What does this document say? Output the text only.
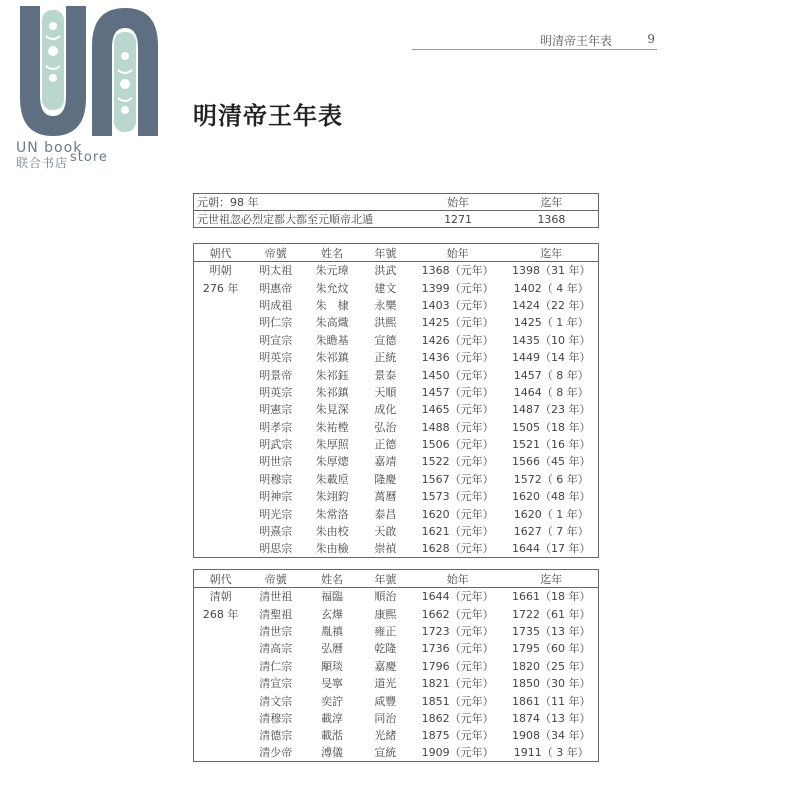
UN book
联合书店 store
明清帝王年表	9
明清帝王年表
元朝：98 年	始年	迄年
元世祖忽必烈定都大都至元順帝北遁	1271	1368
朝代	帝號	姓名	年號	始年	迄年
明朝	明太祖	朱元璋	洪武	1368（元年）	1398（31 年）
276 年	明惠帝	朱允炆	建文	1399（元年）	1402（ 4 年）
	明成祖	朱　棣	永樂	1403（元年）	1424（22 年）
	明仁宗	朱高熾	洪熙	1425（元年）	1425（ 1 年）
	明宣宗	朱瞻基	宣德	1426（元年）	1435（10 年）
	明英宗	朱祁鎮	正統	1436（元年）	1449（14 年）
	明景帝	朱祁鈺	景泰	1450（元年）	1457（ 8 年）
	明英宗	朱祁鎮	天順	1457（元年）	1464（ 8 年）
	明憲宗	朱見深	成化	1465（元年）	1487（23 年）
	明孝宗	朱祐樘	弘治	1488（元年）	1505（18 年）
	明武宗	朱厚照	正德	1506（元年）	1521（16 年）
	明世宗	朱厚熜	嘉靖	1522（元年）	1566（45 年）
	明穆宗	朱載垕	隆慶	1567（元年）	1572（ 6 年）
	明神宗	朱翊鈞	萬曆	1573（元年）	1620（48 年）
	明光宗	朱常洛	泰昌	1620（元年）	1620（ 1 年）
	明熹宗	朱由校	天啟	1621（元年）	1627（ 7 年）
	明思宗	朱由檢	崇禎	1628（元年）	1644（17 年）
朝代	帝號	姓名	年號	始年	迄年
清朝	清世祖	福臨	順治	1644（元年）	1661（18 年）
268 年	清聖祖	玄燁	康熙	1662（元年）	1722（61 年）
	清世宗	胤禛	雍正	1723（元年）	1735（13 年）
	清高宗	弘曆	乾隆	1736（元年）	1795（60 年）
	清仁宗	顒琰	嘉慶	1796（元年）	1820（25 年）
	清宣宗	旻寧	道光	1821（元年）	1850（30 年）
	清文宗	奕詝	咸豐	1851（元年）	1861（11 年）
	清穆宗	載淳	同治	1862（元年）	1874（13 年）
	清德宗	載湉	光緒	1875（元年）	1908（34 年）
	清少帝	溥儀	宣統	1909（元年）	1911（ 3 年）
